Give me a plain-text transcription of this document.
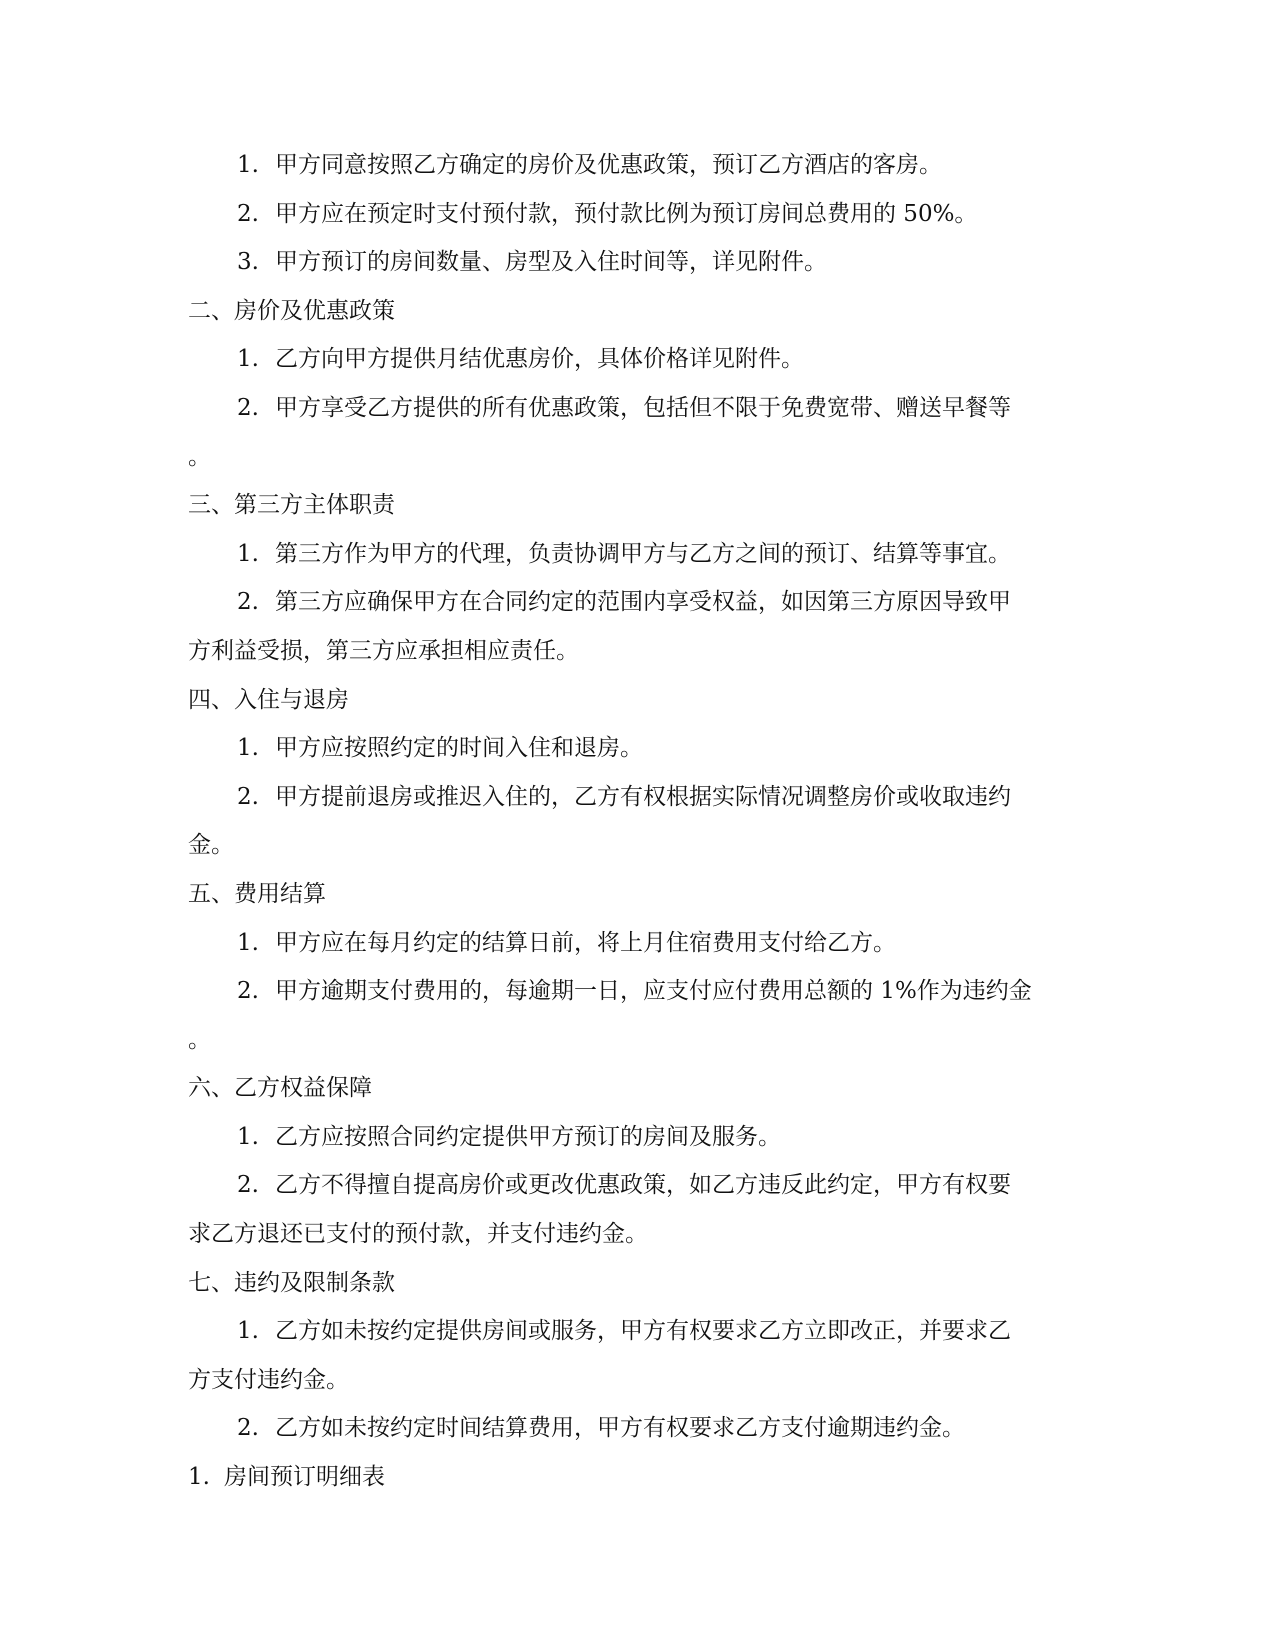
1. 甲方同意按照乙方确定的房价及优惠政策，预订乙方酒店的客房。
2. 甲方应在预定时支付预付款，预付款比例为预订房间总费用的 50%。
3. 甲方预订的房间数量、房型及入住时间等，详见附件。
二、房价及优惠政策
1. 乙方向甲方提供月结优惠房价，具体价格详见附件。
2. 甲方享受乙方提供的所有优惠政策，包括但不限于免费宽带、赠送早餐等
。
三、第三方主体职责
1. 第三方作为甲方的代理，负责协调甲方与乙方之间的预订、结算等事宜。
2. 第三方应确保甲方在合同约定的范围内享受权益，如因第三方原因导致甲
方利益受损，第三方应承担相应责任。
四、入住与退房
1. 甲方应按照约定的时间入住和退房。
2. 甲方提前退房或推迟入住的，乙方有权根据实际情况调整房价或收取违约
金。
五、费用结算
1. 甲方应在每月约定的结算日前，将上月住宿费用支付给乙方。
2. 甲方逾期支付费用的，每逾期一日，应支付应付费用总额的 1%作为违约金
。
六、乙方权益保障
1. 乙方应按照合同约定提供甲方预订的房间及服务。
2. 乙方不得擅自提高房价或更改优惠政策，如乙方违反此约定，甲方有权要
求乙方退还已支付的预付款，并支付违约金。
七、违约及限制条款
1. 乙方如未按约定提供房间或服务，甲方有权要求乙方立即改正，并要求乙
方支付违约金。
2. 乙方如未按约定时间结算费用，甲方有权要求乙方支付逾期违约金。
1. 房间预订明细表
